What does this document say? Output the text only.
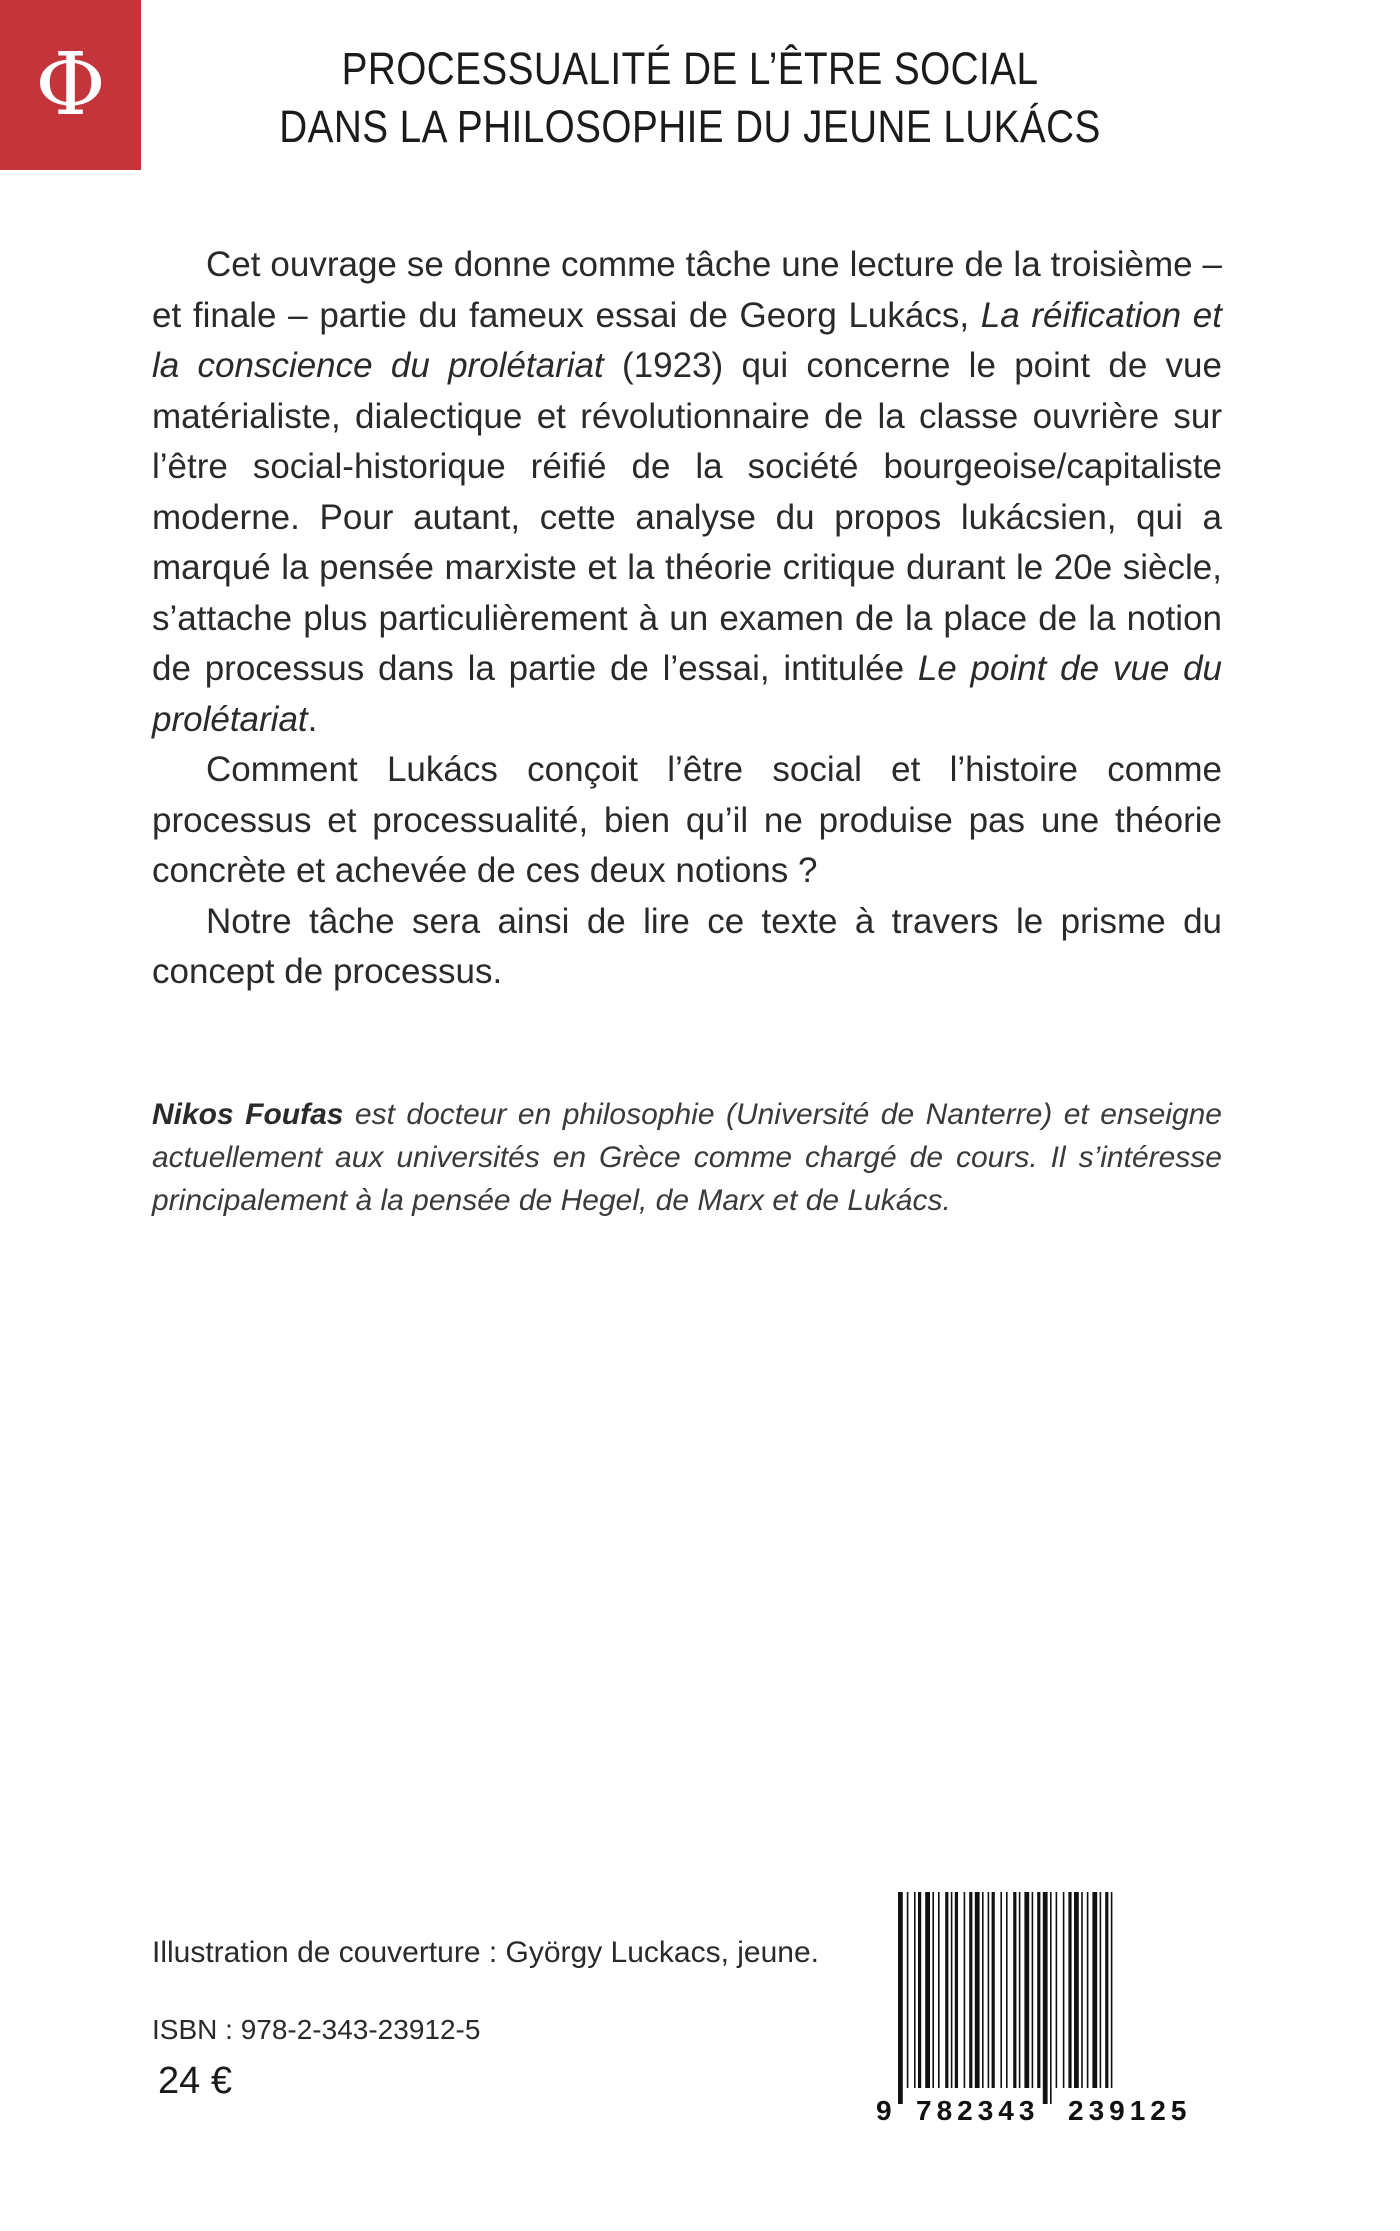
Φ	PROCESSUALITÉ DE L’ÊTRE SOCIAL
DANS LA PHILOSOPHIE DU JEUNE LUKÁCS

Cet ouvrage se donne comme tâche une lecture de la troisième – et finale – partie du fameux essai de Georg Lukács, La réification et la conscience du prolétariat (1923) qui concerne le point de vue matérialiste, dialectique et révolutionnaire de la classe ouvrière sur l’être social-historique réifié de la société bourgeoise/capitaliste moderne. Pour autant, cette analyse du propos lukácsien, qui a marqué la pensée marxiste et la théorie critique durant le 20e siècle, s’attache plus particulièrement à un examen de la place de la notion de processus dans la partie de l’essai, intitulée Le point de vue du prolétariat.

Comment Lukács conçoit l’être social et l’histoire comme processus et processualité, bien qu’il ne produise pas une théorie concrète et achevée de ces deux notions ?

Notre tâche sera ainsi de lire ce texte à travers le prisme du concept de processus.

Nikos Foufas est docteur en philosophie (Université de Nanterre) et enseigne actuellement aux universités en Grèce comme chargé de cours. Il s’intéresse principalement à la pensée de Hegel, de Marx et de Lukács.
Illustration de couverture : György Luckacs, jeune.
ISBN : 978-2-343-23912-5
24 €
9 782343 239125
